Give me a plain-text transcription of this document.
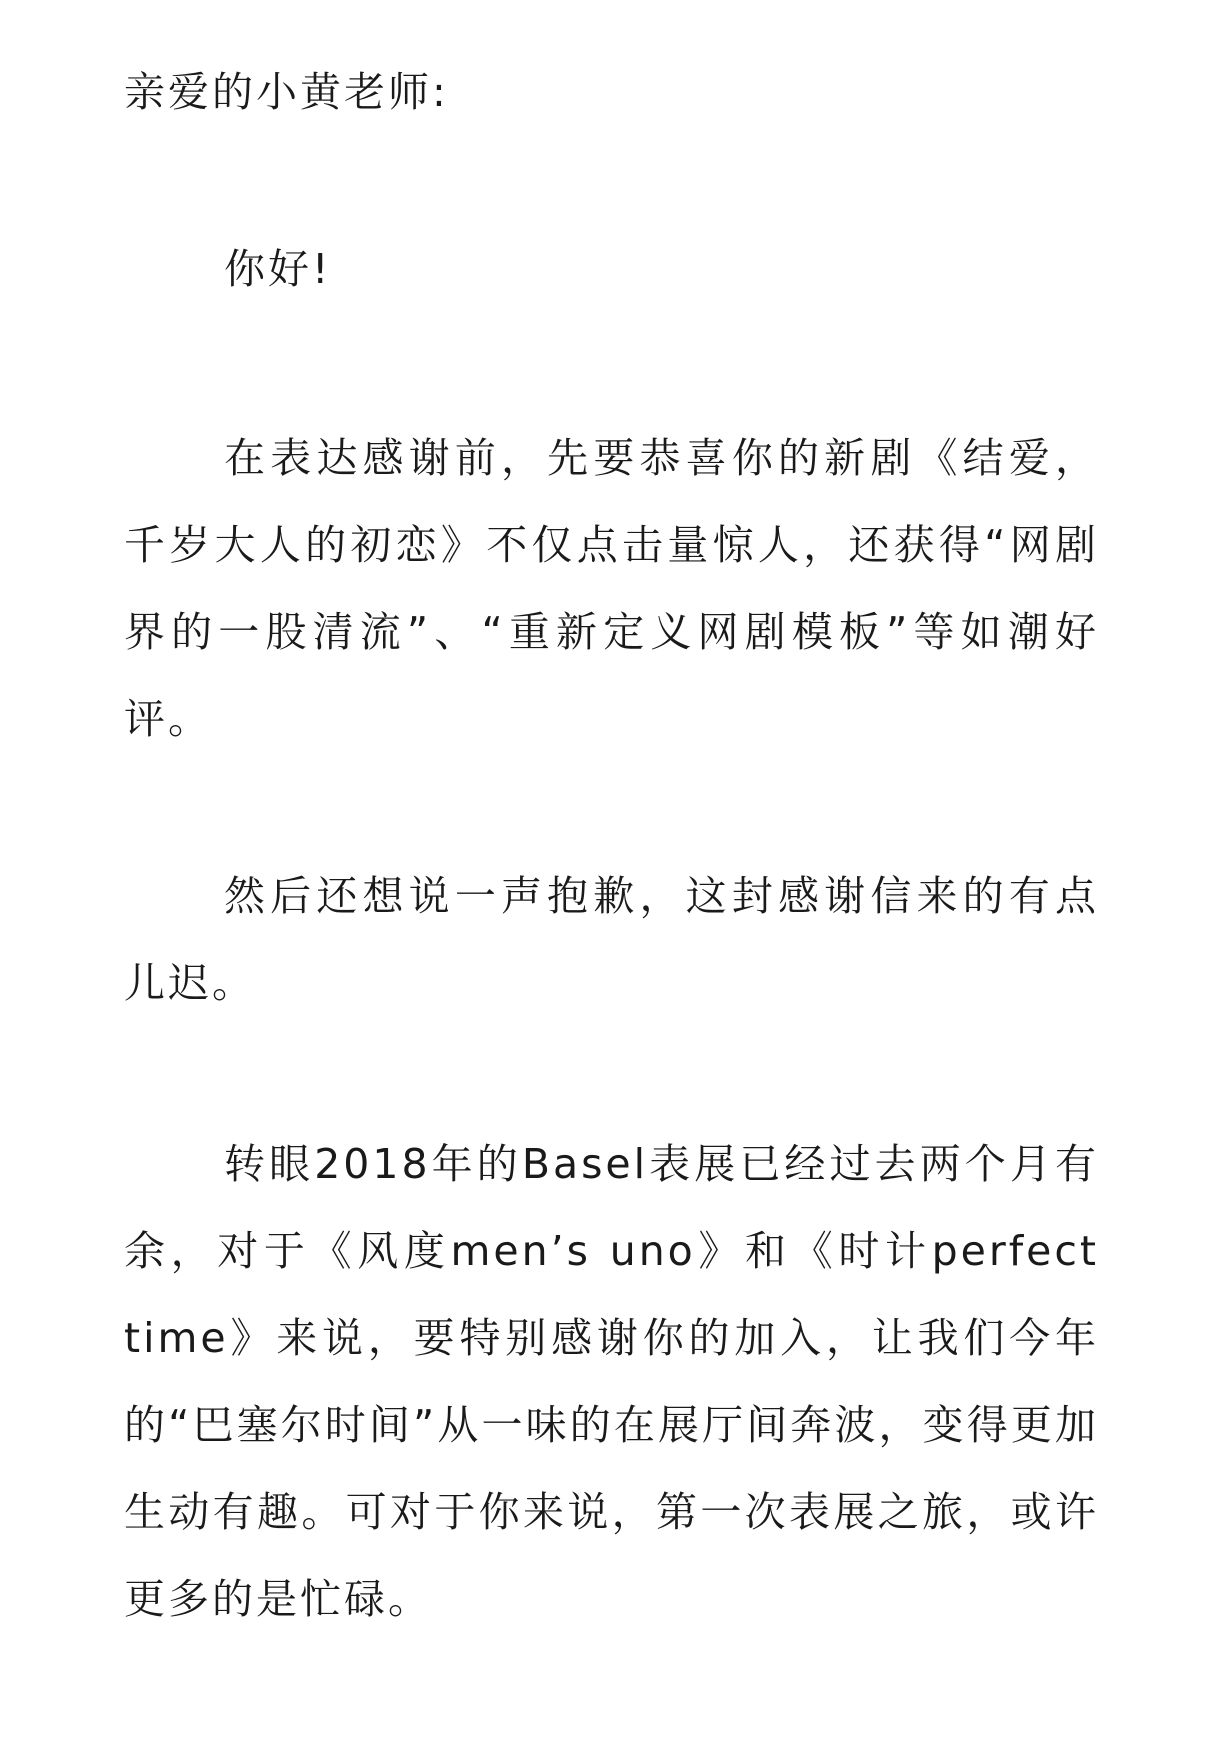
亲爱的小黄老师:

你好!

在表达感谢前，先要恭喜你的新剧《结爱，千岁大人的初恋》不仅点击量惊人，还获得“网剧界的一股清流”、“重新定义网剧模板”等如潮好评。

然后还想说一声抱歉，这封感谢信来的有点儿迟。

转眼2018年的Basel表展已经过去两个月有余，对于《风度men’s uno》和《时计perfect time》来说，要特别感谢你的加入，让我们今年的“巴塞尔时间”从一味的在展厅间奔波，变得更加生动有趣。可对于你来说，第一次表展之旅，或许更多的是忙碌。
